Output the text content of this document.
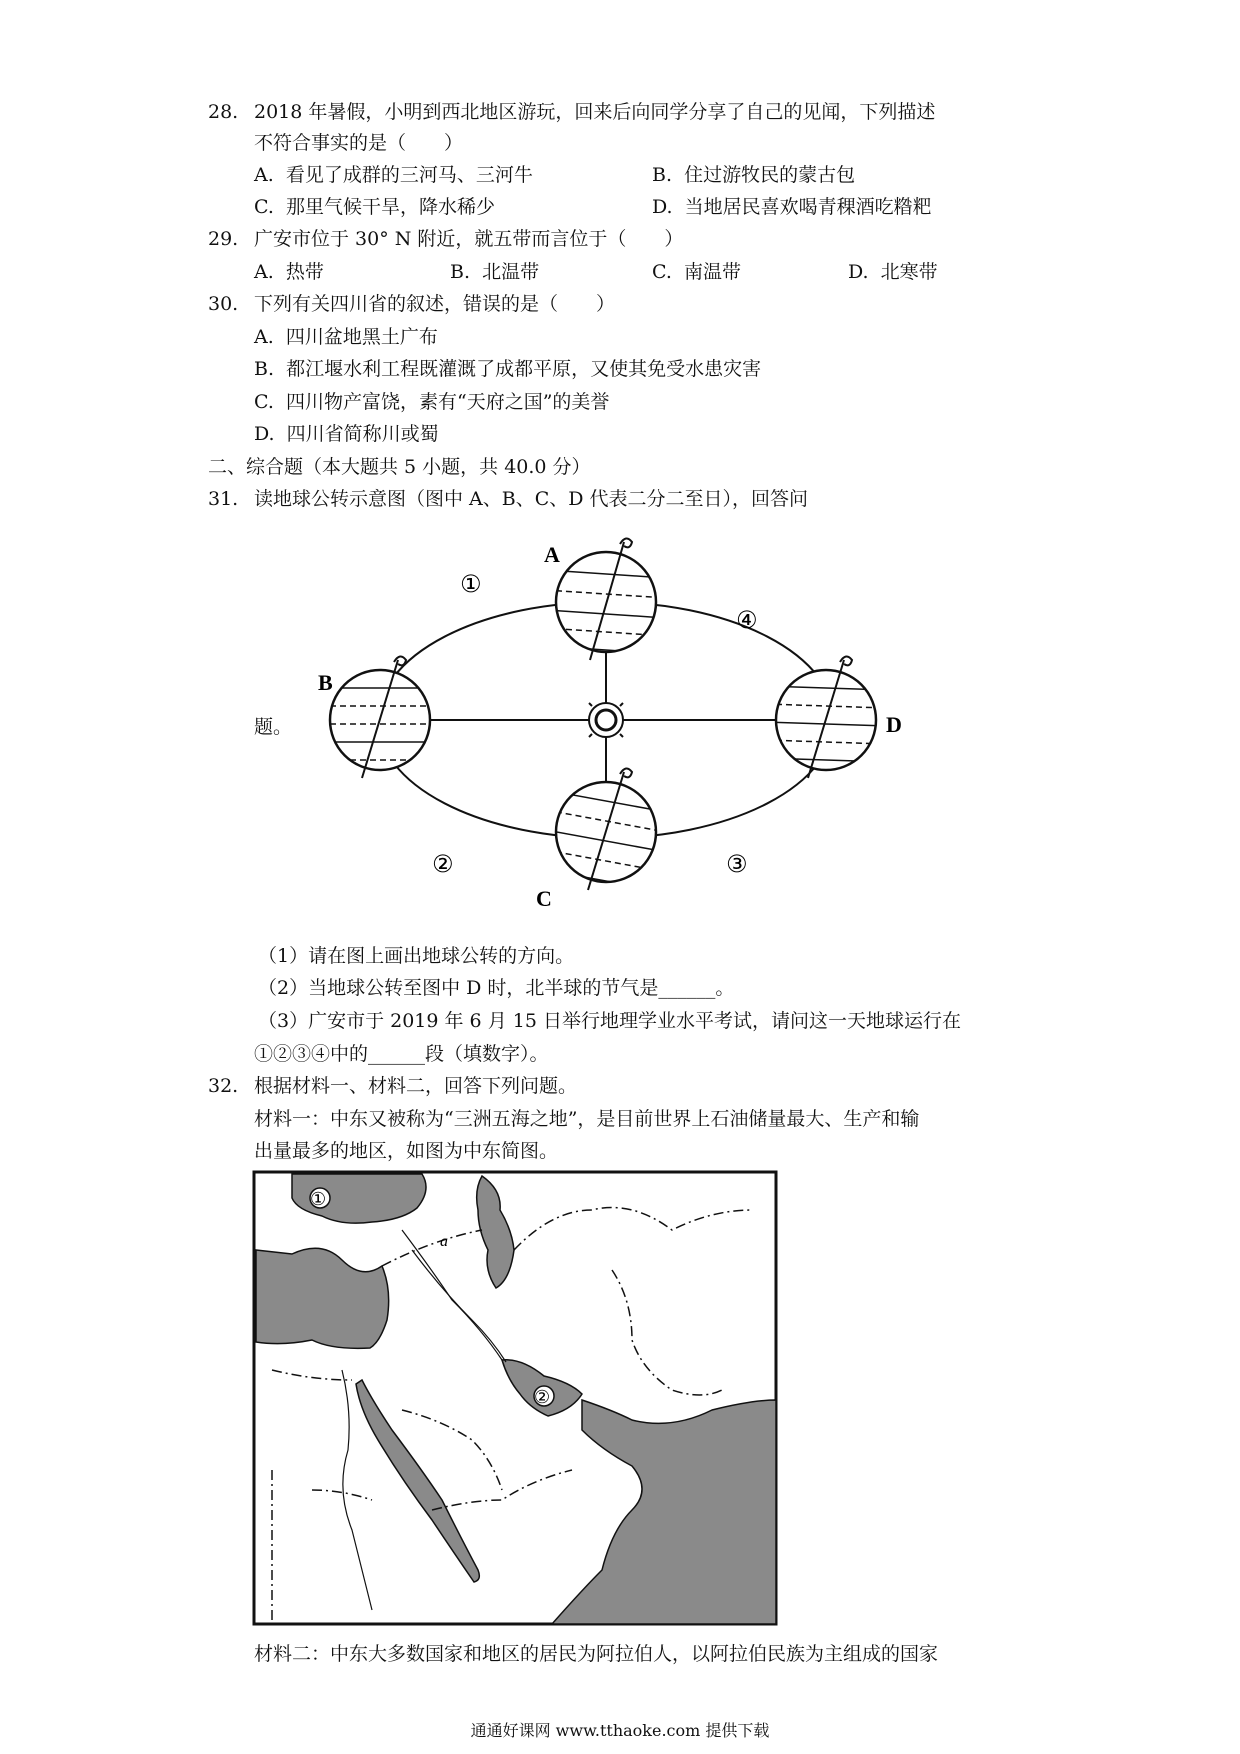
28. 2018 年暑假，小明到西北地区游玩，回来后向同学分享了自己的见闻，下列描述
不符合事实的是（　　）
A.  看见了成群的三河马、三河牛	B.  住过游牧民的蒙古包
C.  那里气候干旱，降水稀少	D.  当地居民喜欢喝青稞酒吃糌粑
29. 广安市位于 30° N 附近，就五带而言位于（　　）
A.  热带	B.  北温带	C.  南温带	D.  北寒带
30. 下列有关四川省的叙述，错误的是（　　）
A.  四川盆地黑土广布
B.  都江堰水利工程既灌溉了成都平原，又使其免受水患灾害
C.  四川物产富饶，素有“天府之国”的美誉
D.  四川省简称川或蜀
二、综合题（本大题共 5 小题，共 40.0 分）
31. 读地球公转示意图（图中 A、B、C、D 代表二分二至日），回答问
题。
A
B
C
D
①
②	③
④
（1）请在图上画出地球公转的方向。
（2）当地球公转至图中 D 时，北半球的节气是______。
（3）广安市于 2019 年 6 月 15 日举行地理学业水平考试，请问这一天地球运行在
①②③④中的______段（填数字）。
32. 根据材料一、材料二，回答下列问题。
材料一：中东又被称为“三洲五海之地”，是目前世界上石油储量最大、生产和输
出量最多的地区，如图为中东简图。
①
②
a
材料二：中东大多数国家和地区的居民为阿拉伯人，以阿拉伯民族为主组成的国家
通通好课网 www.tthaoke.com 提供下载
